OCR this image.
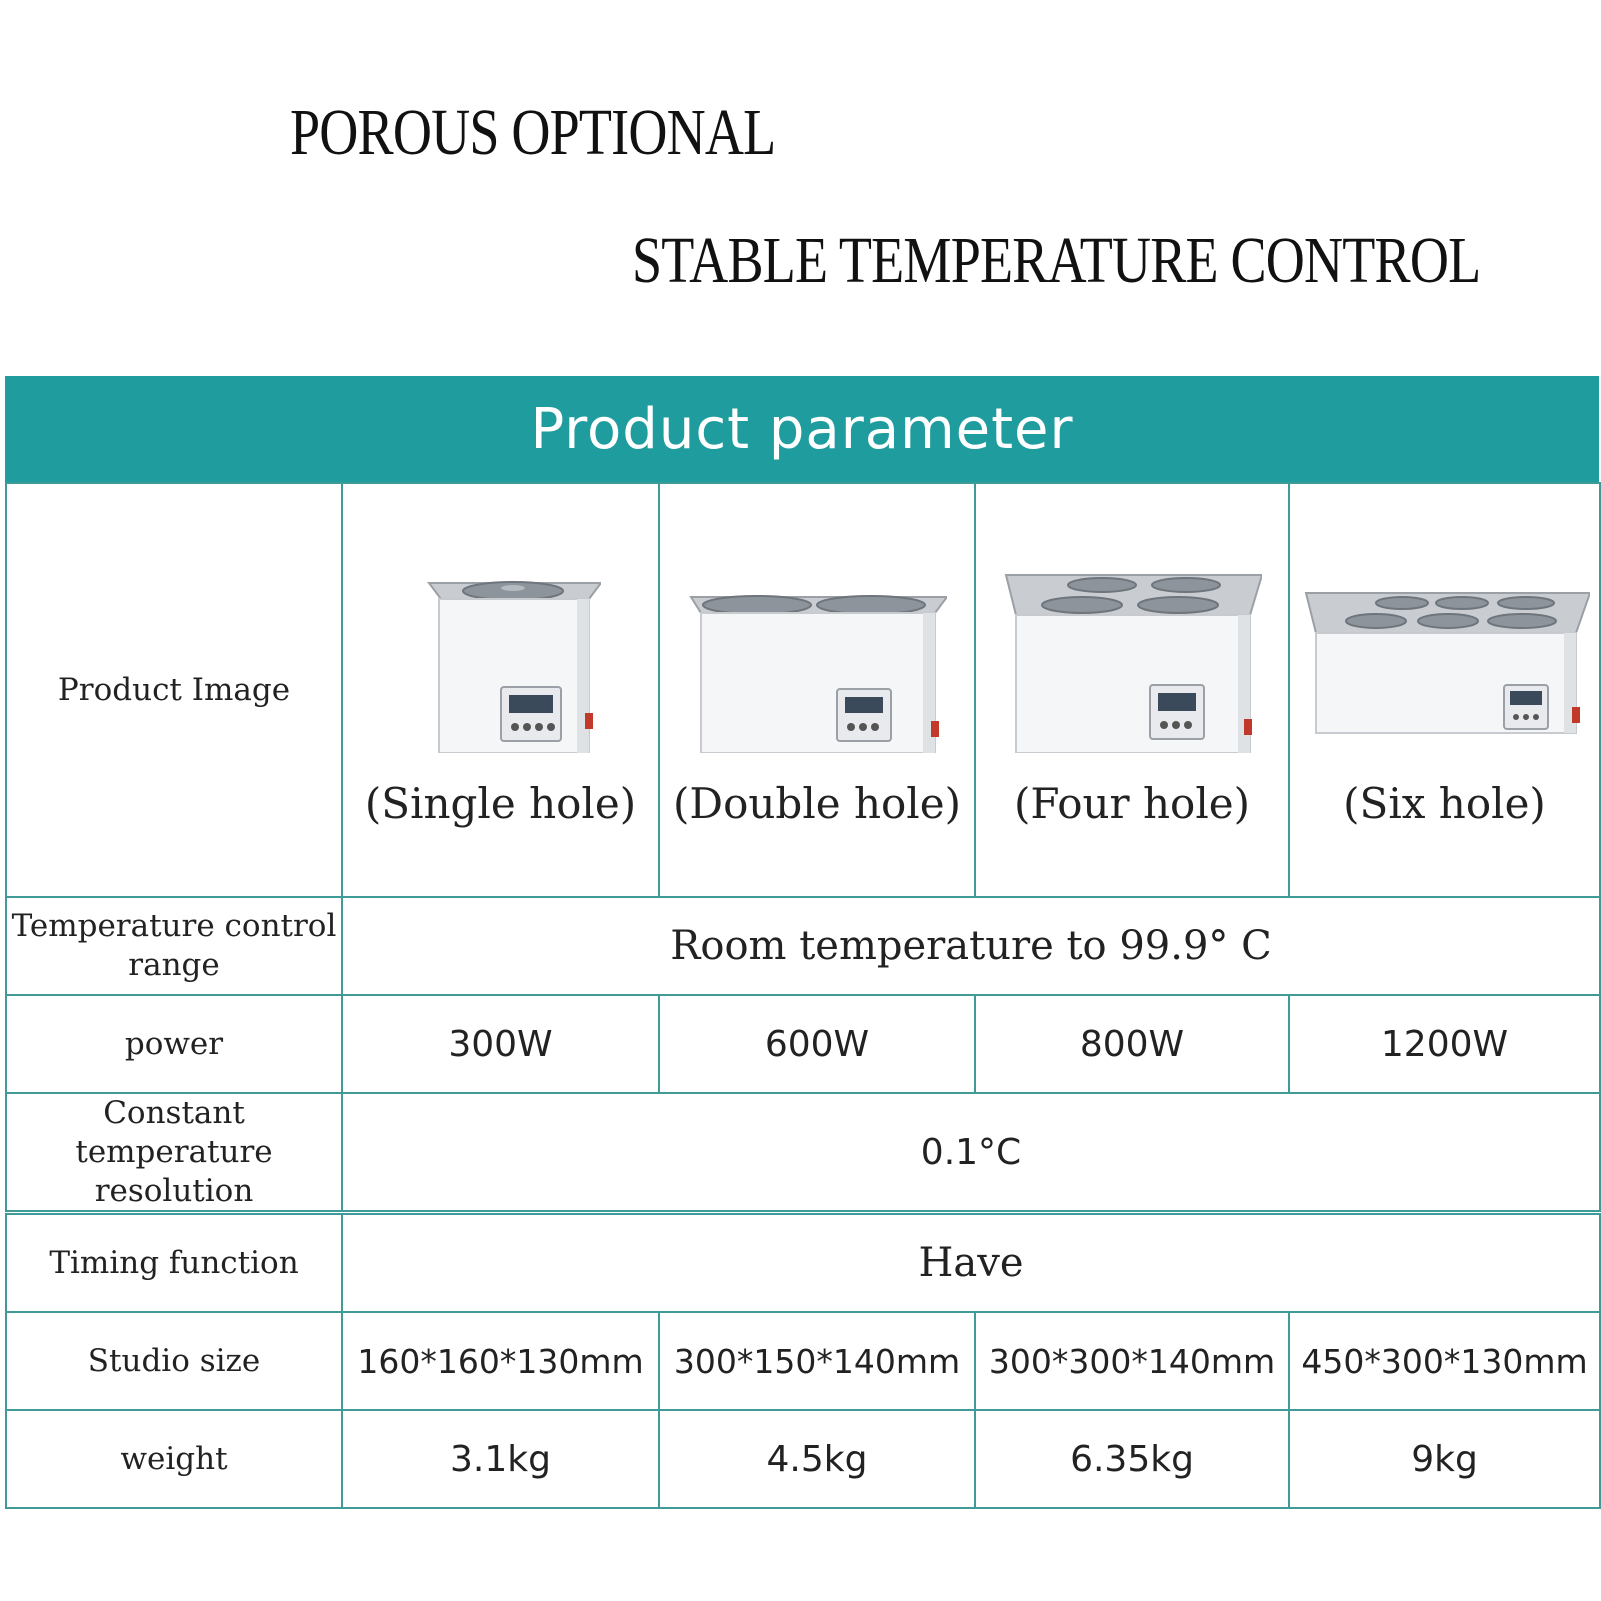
POROUS OPTIONAL
STABLE TEMPERATURE CONTROL
Product parameter
Product Image	(Single hole)	(Double hole)	(Four hole)	(Six hole)

Temperature control range	Room temperature to 99.9° C			
power	300W	600W	800W	1200W
Constant temperature resolution	0.1°C			
Timing function	Have			
Studio size	160*160*130mm	300*150*140mm	300*300*140mm	450*300*130mm
weight	3.1kg	4.5kg	6.35kg	9kg
